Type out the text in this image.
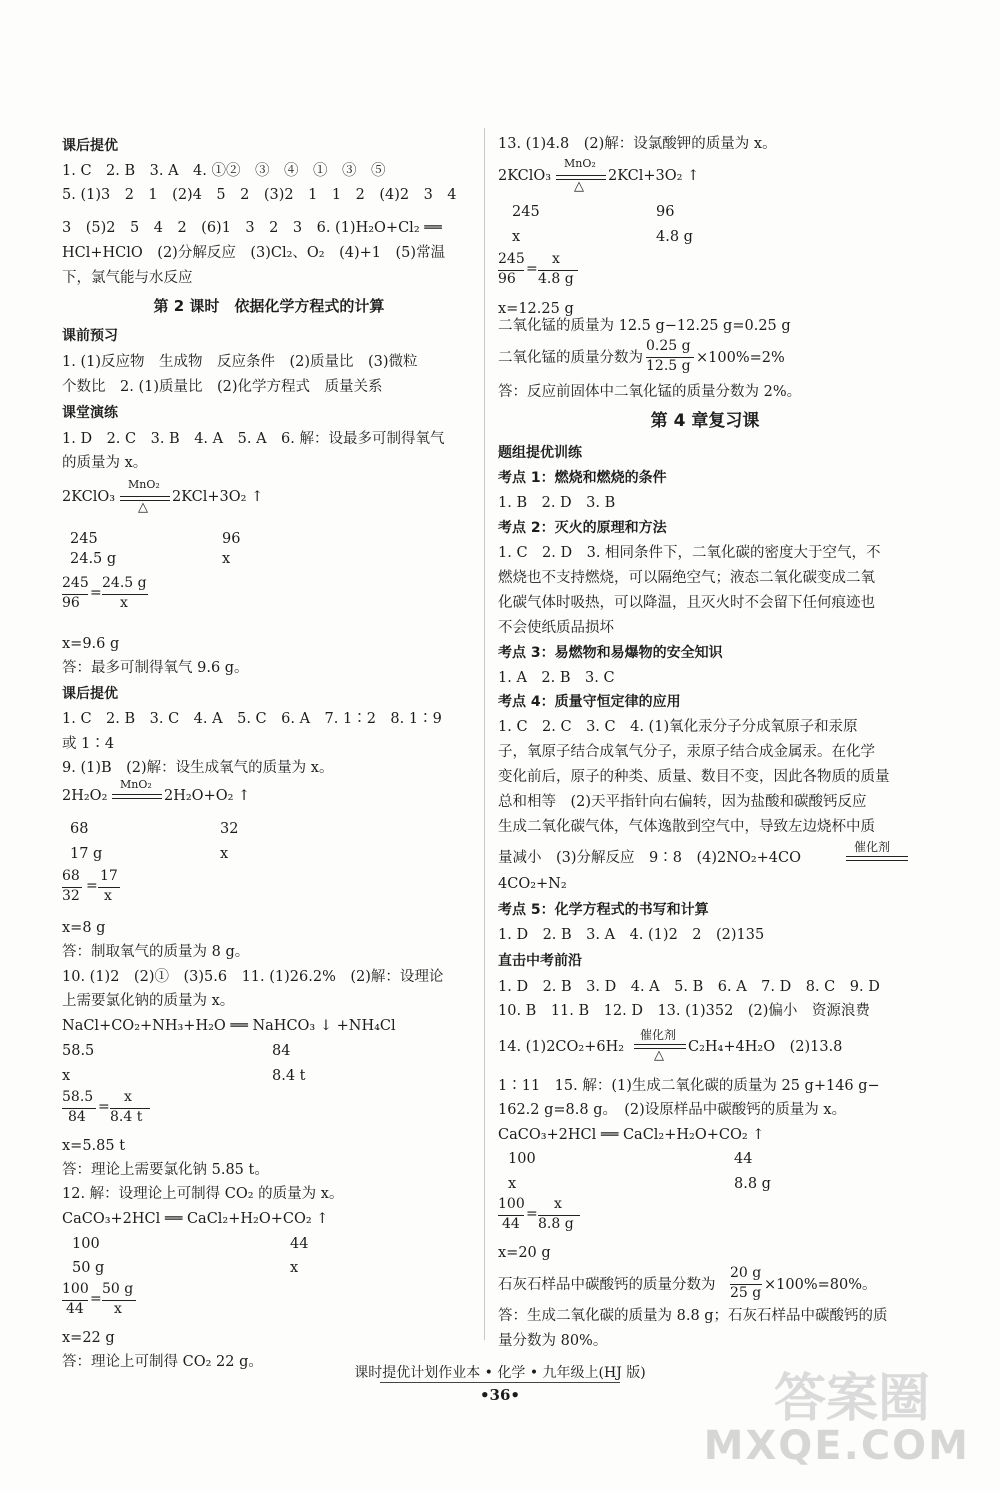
课后提优
1. C　2. B　3. A　4. ①②　③　④　①　③　⑤
5. (1)3　2　1　(2)4　5　2　(3)2　1　1　2　(4)2　3　4
3　(5)2　5　4　2　(6)1　3　2　3　6. (1)H₂O+Cl₂ ══
HCl+HClO　(2)分解反应　(3)Cl₂、O₂　(4)+1　(5)常温
下，氯气能与水反应
第 2 课时　依据化学方程式的计算
课前预习
1. (1)反应物　生成物　反应条件　(2)质量比　(3)微粒
个数比　2. (1)质量比　(2)化学方程式　质量关系
课堂演练
1. D　2. C　3. B　4. A　5. A　6. 解：设最多可制得氧气
的质量为 x。
2KClO₃
MnO₂
△
2KCl+3O₂ ↑
245	96
24.5 g	x
245
96
=
24.5 g
x
x=9.6 g
答：最多可制得氧气 9.6 g。
课后提优
1. C　2. B　3. C　4. A　5. C　6. A　7. 1∶2　8. 1∶9
或 1∶4
9. (1)B　(2)解：设生成氧气的质量为 x。
2H₂O₂
MnO₂
2H₂O+O₂ ↑
68	32
17 g	x
68
32
=
17
x
x=8 g
答：制取氧气的质量为 8 g。
10. (1)2　(2)①　(3)5.6　11. (1)26.2%　(2)解：设理论
上需要氯化钠的质量为 x。
NaCl+CO₂+NH₃+H₂O ══ NaHCO₃ ↓ +NH₄Cl
58.5	84
x	8.4 t
58.5
84
=
x
8.4 t
x=5.85 t
答：理论上需要氯化钠 5.85 t。
12. 解：设理论上可制得 CO₂ 的质量为 x。
CaCO₃+2HCl ══ CaCl₂+H₂O+CO₂ ↑
100	44
50 g	x
100
44
=
50 g
x
x=22 g
答：理论上可制得 CO₂ 22 g。
13. (1)4.8　(2)解：设氯酸钾的质量为 x。
2KClO₃
MnO₂
△
2KCl+3O₂ ↑
245	96
x	4.8 g
245
96
=
x
4.8 g
x=12.25 g
二氧化锰的质量为 12.5 g−12.25 g=0.25 g
二氧化锰的质量分数为
0.25 g
12.5 g ×100%=2%
答：反应前固体中二氧化锰的质量分数为 2%。
第 4 章复习课
题组提优训练
考点 1：燃烧和燃烧的条件
1. B　2. D　3. B
考点 2：灭火的原理和方法
1. C　2. D　3. 相同条件下，二氧化碳的密度大于空气，不
燃烧也不支持燃烧，可以隔绝空气；液态二氧化碳变成二氧
化碳气体时吸热，可以降温，且灭火时不会留下任何痕迹也
不会使纸质品损坏
考点 3：易燃物和易爆物的安全知识
1. A　2. B　3. C
考点 4：质量守恒定律的应用
1. C　2. C　3. C　4. (1)氧化汞分子分成氧原子和汞原
子，氧原子结合成氧气分子，汞原子结合成金属汞。在化学
变化前后，原子的种类、质量、数目不变，因此各物质的质量
总和相等　(2)天平指针向右偏转，因为盐酸和碳酸钙反应
生成二氧化碳气体，气体逸散到空气中，导致左边烧杯中质
量减小　(3)分解反应　9∶8　(4)2NO₂+4CO
催化剂
4CO₂+N₂
考点 5：化学方程式的书写和计算
1. D　2. B　3. A　4. (1)2　2　(2)135
直击中考前沿
1. D　2. B　3. D　4. A　5. B　6. A　7. D　8. C　9. D
10. B　11. B　12. D　13. (1)352　(2)偏小　资源浪费
14. (1)2CO₂+6H₂
催化剂
△
C₂H₄+4H₂O　(2)13.8
1∶11　15. 解：(1)生成二氧化碳的质量为 25 g+146 g−
162.2 g=8.8 g。　(2)设原样品中碳酸钙的质量为 x。
CaCO₃+2HCl ══ CaCl₂+H₂O+CO₂ ↑
100	44
x	8.8 g
100
44
=
x
8.8 g
x=20 g
石灰石样品中碳酸钙的质量分数为
20 g
25 g ×100%=80%。
答：生成二氧化碳的质量为 8.8 g；石灰石样品中碳酸钙的质
量分数为 80%。
课时提优计划作业本 • 化学 • 九年级上(HJ 版)
•36•	答案圈
MXQE.COM
